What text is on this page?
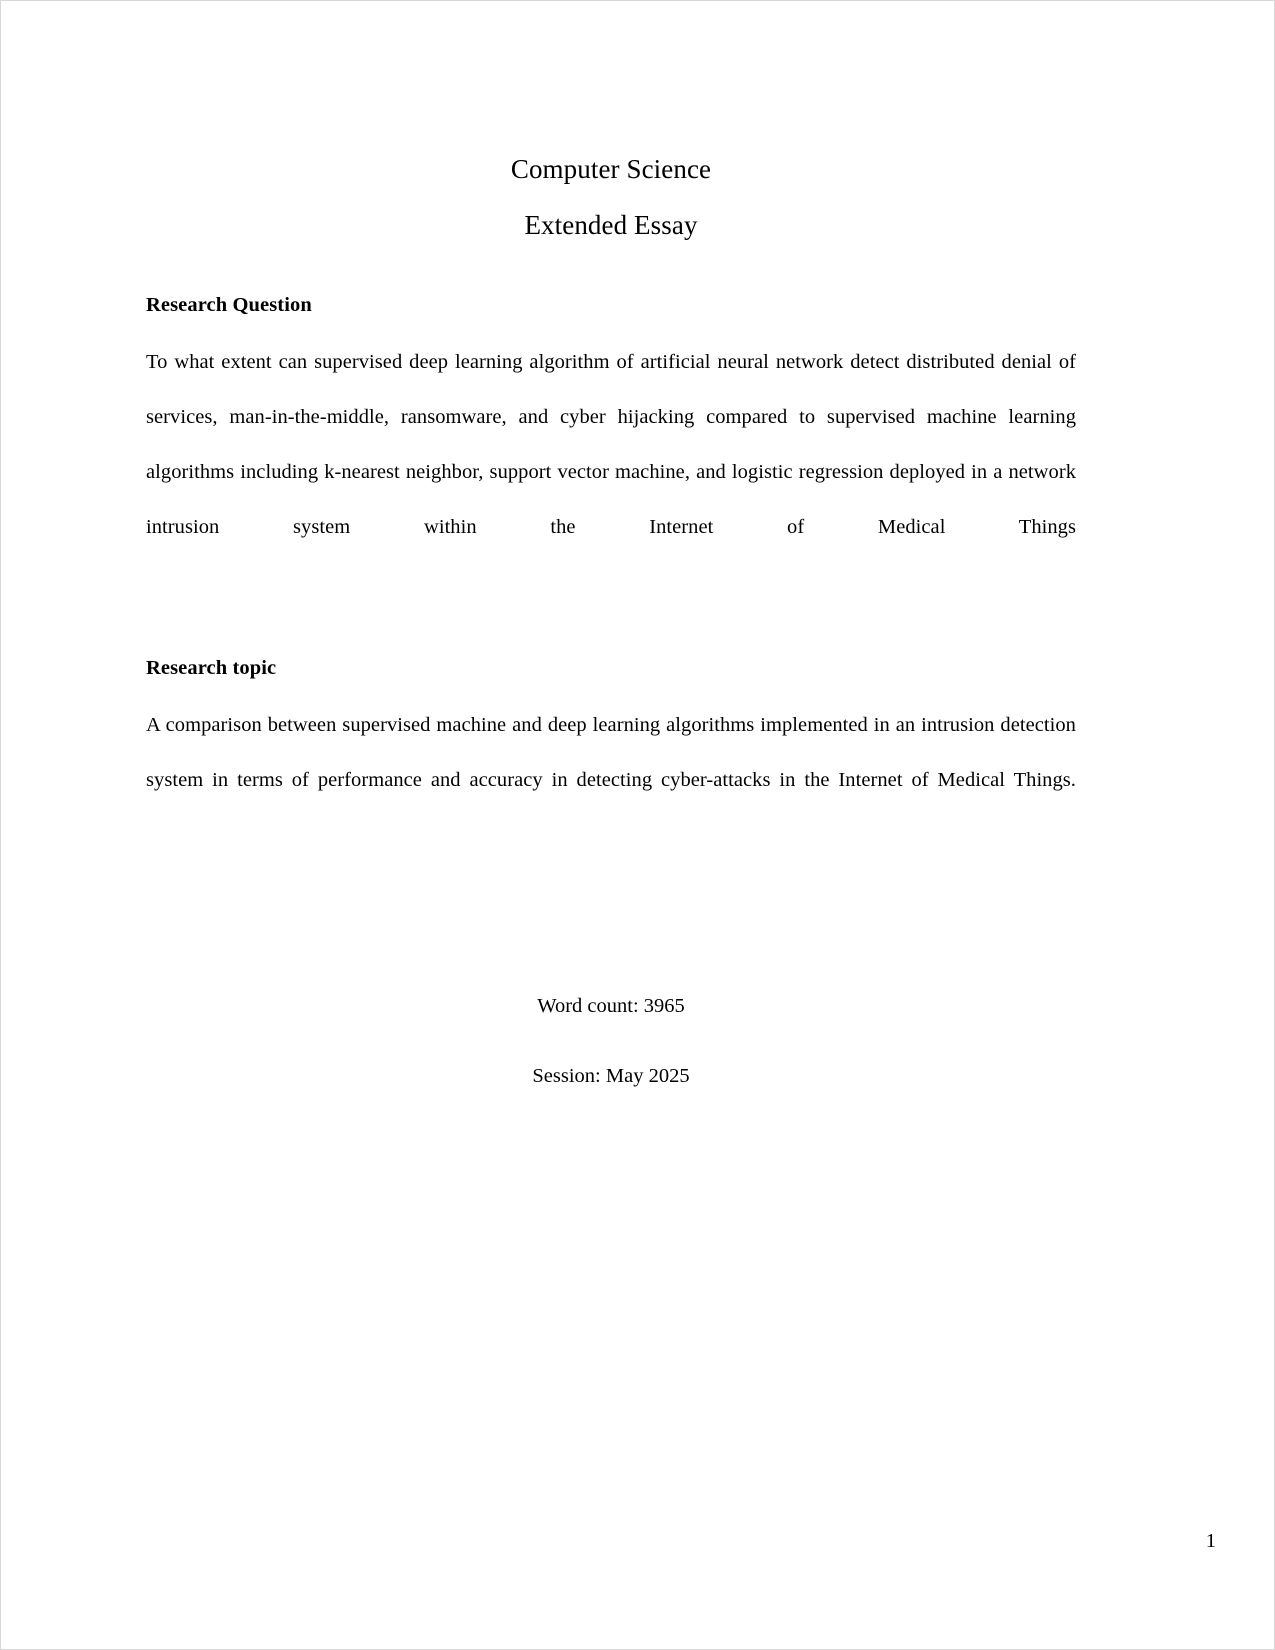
Computer Science
Extended Essay
Research Question

To what extent can supervised deep learning algorithm of artificial neural network detect distributed denial of services, man-in-the-middle, ransomware, and cyber hijacking compared to supervised machine learning algorithms including k-nearest neighbor, support vector machine, and logistic regression deployed in a network intrusion system within the Internet of Medical Things

Research topic

A comparison between supervised machine and deep learning algorithms implemented in an intrusion detection system in terms of performance and accuracy in detecting cyber-attacks in the Internet of Medical Things.

Word count: 3965
Session: May 2025
1
